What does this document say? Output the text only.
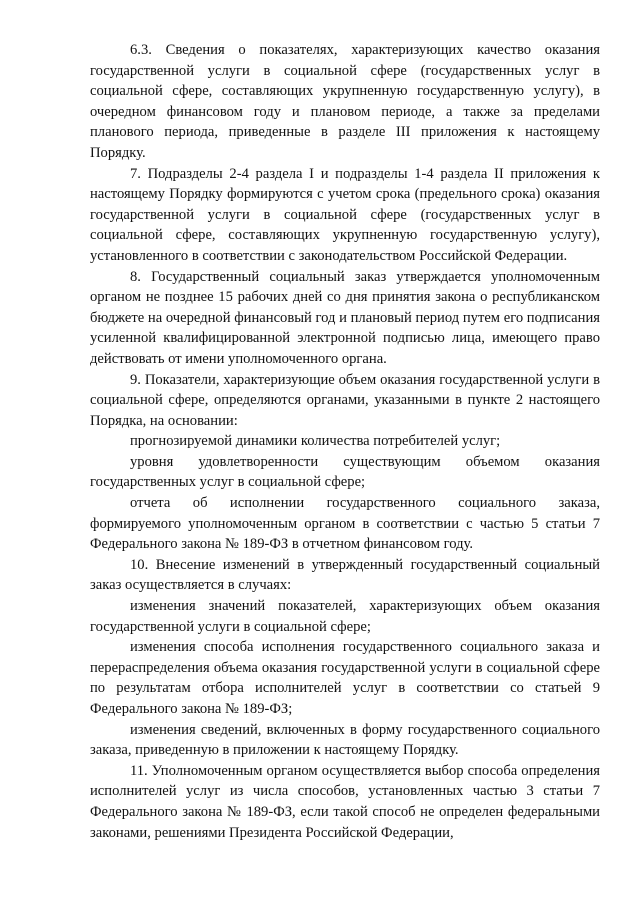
6.3. Сведения о показателях, характеризующих качество оказания государственной услуги в социальной сфере (государственных услуг в социальной сфере, составляющих укрупненную государственную услугу), в очередном финансовом году и плановом периоде, а также за пределами планового периода, приведенные в разделе III приложения к настоящему Порядку.

7. Подразделы 2-4 раздела I и подразделы 1-4 раздела II приложения к настоящему Порядку формируются с учетом срока (предельного срока) оказания государственной услуги в социальной сфере (государственных услуг в социальной сфере, составляющих укрупненную государственную услугу), установленного в соответствии с законодательством Российской Федерации.

8. Государственный социальный заказ утверждается уполномоченным органом не позднее 15 рабочих дней со дня принятия закона о республиканском бюджете на очередной финансовый год и плановый период путем его подписания усиленной квалифицированной электронной подписью лица, имеющего право действовать от имени уполномоченного органа.

9. Показатели, характеризующие объем оказания государственной услуги в социальной сфере, определяются органами, указанными в пункте 2 настоящего Порядка, на основании:

прогнозируемой динамики количества потребителей услуг;

уровня удовлетворенности существующим объемом оказания государственных услуг в социальной сфере;

отчета об исполнении государственного социального заказа, формируемого уполномоченным органом в соответствии с частью 5 статьи 7 Федерального закона № 189-ФЗ в отчетном финансовом году.

10. Внесение изменений в утвержденный государственный социальный заказ осуществляется в случаях:

изменения значений показателей, характеризующих объем оказания государственной услуги в социальной сфере;

изменения способа исполнения государственного социального заказа и перераспределения объема оказания государственной услуги в социальной сфере по результатам отбора исполнителей услуг в соответствии со статьей 9 Федерального закона № 189-ФЗ;

изменения сведений, включенных в форму государственного социального заказа, приведенную в приложении к настоящему Порядку.

11. Уполномоченным органом осуществляется выбор способа определения исполнителей услуг из числа способов, установленных частью 3 статьи 7 Федерального закона № 189-ФЗ, если такой способ не определен федеральными законами, решениями Президента Российской Федерации,
